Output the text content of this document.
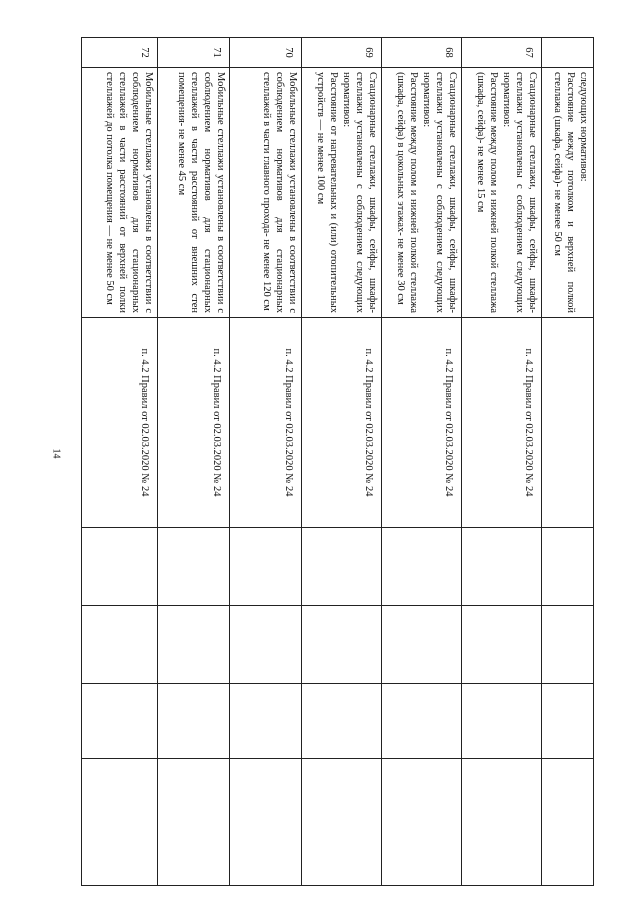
14
	следующих нормативов:
Расстояние между потолком и верхней полкой стеллажа (шкафа, сейфа)- не менее 50 см					
67	Стационарные стеллажи, шкафы, сейфы, шкафы-стеллажи установлены с соблюдением следующих нормативов:
Расстояние между полом и нижней полкой стеллажа (шкафа, сейфа)- не менее 15 см	п. 4.2 Правил от 02.03.2020 № 24				
68	Стационарные стеллажи, шкафы, сейфы, шкафы-стеллажи установлены с соблюдением следующих нормативов:
Расстояние между полом и нижней полкой стеллажа (шкафа, сейфа) в цокольных этажах- не менее 30 см	п. 4.2 Правил от 02.03.2020 № 24				
69	Стационарные стеллажи, шкафы, сейфы, шкафы-стеллажи установлены с соблюдением следующих нормативов:
Расстояние от нагревательных и (или) отопительных устройств — не менее 100 см	п. 4.2 Правил от 02.03.2020 № 24				
70	Мобильные стеллажи установлены в соответствии с соблюдением нормативов для стационарных стеллажей в части главного прохода- не менее 120 см	п. 4.2 Правил от 02.03.2020 № 24				
71	Мобильные стеллажи установлены в соответствии с соблюдением нормативов для стационарных стеллажей в части расстояний от внешних стен помещения- не менее 45 см	п. 4.2 Правил от 02.03.2020 № 24				
72	Мобильные стеллажи установлены в соответствии с соблюдением нормативов для стационарных стеллажей в части расстояний от верхней полки стеллажей до потолка помещения — не менее 50 см	п. 4.2 Правил от 02.03.2020 № 24				
